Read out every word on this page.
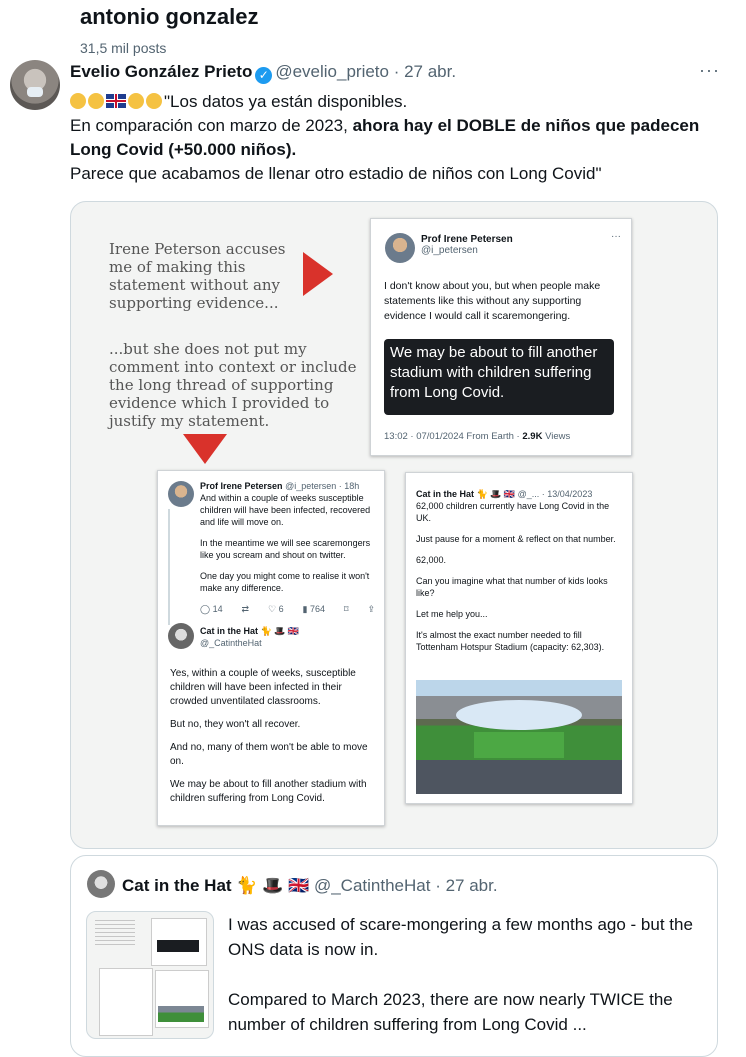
antonio gonzalez
31,5 mil posts
Evelio González Prieto ✓ @evelio_prieto · 27 abr.	···

"Los datos ya están disponibles.

En comparación con marzo de 2023, ahora hay el DOBLE de niños que padecen Long Covid (+50.000 niños).

Parece que acabamos de llenar otro estadio de niños con Long Covid"

Irene Peterson accuses me of making this statement without any supporting evidence...
...but she does not put my comment into context or include the long thread of supporting evidence which I provided to justify my statement.
Prof Irene Petersen
@i_petersen
···
I don't know about you, but when people make statements like this without any supporting evidence I would call it scaremongering.
We may be about to fill another stadium with children suffering from Long Covid.
13:02 · 07/01/2024 From Earth · 2.9K Views
Prof Irene Petersen @i_petersen · 18h

And within a couple of weeks susceptible children will have been infected, recovered and life will move on.

In the meantime we will see scaremongers like you scream and shout on twitter.

One day you might come to realise it won't make any difference.

◯ 14 ⇄ ♡ 6 ▮ 764 ⌑ ⇪
Cat in the Hat 🐈 🎩 🇬🇧
@_CatintheHat

Yes, within a couple of weeks, susceptible children will have been infected in their crowded unventilated classrooms.

But no, they won't all recover.

And no, many of them won't be able to move on.

We may be about to fill another stadium with children suffering from Long Covid.

Cat in the Hat 🐈 🎩 🇬🇧 @_... · 13/04/2023

62,000 children currently have Long Covid in the UK.

Just pause for a moment & reflect on that number.

62,000.

Can you imagine what that number of kids looks like?

Let me help you...

It's almost the exact number needed to fill Tottenham Hotspur Stadium (capacity: 62,303).

Cat in the Hat 🐈 🎩 🇬🇧 @_CatintheHat · 27 abr.

I was accused of scare-mongering a few months ago - but the ONS data is now in.

Compared to March 2023, there are now nearly TWICE the number of children suffering from Long Covid ...
